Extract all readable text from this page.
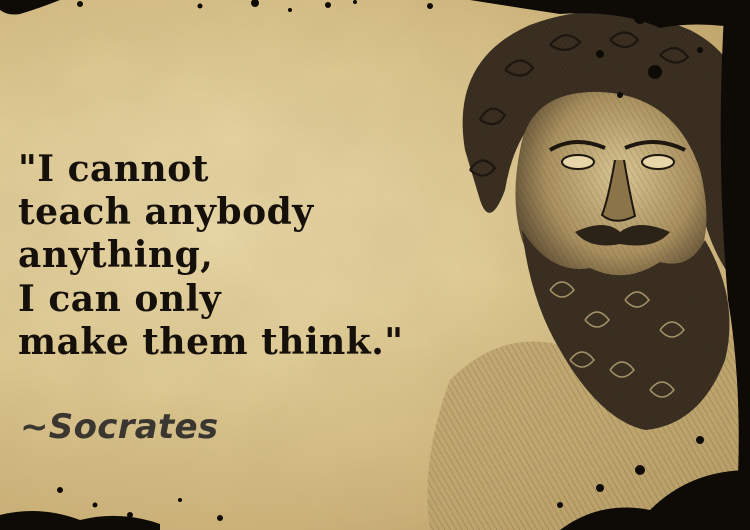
"I cannot
teach anybody
anything,
I can only
make them think."
~Socrates
